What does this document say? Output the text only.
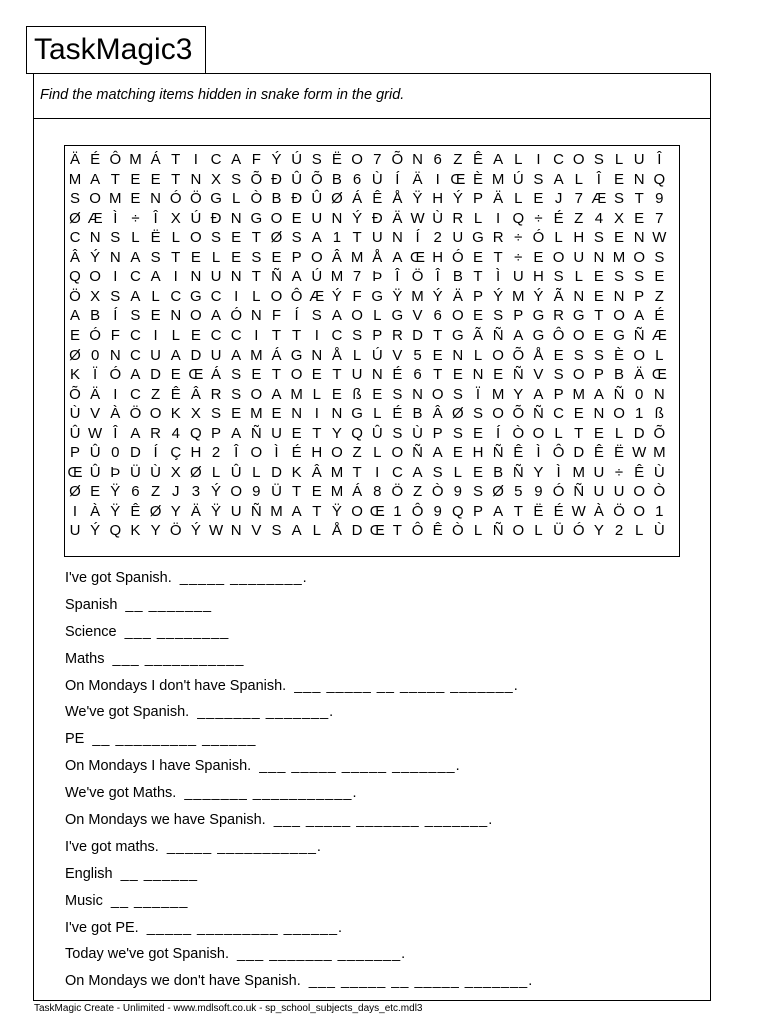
TaskMagic3
Find the matching items hidden in snake form in the grid.
Ä É Ô M Á T I C A F Ý Ú S Ë O 7 Õ N 6 Z Ê A L I C O S L U Î
M A T E E T N X S Õ Ð Û Õ B 6 Ù Í Ä I Œ È M Ú S A L Î E N Q
S O M E N Ó Ö G L Ò B Ð Û Ø Á Ê Å Ÿ H Ý P Ä L E J 7 Æ S T 9
Ø Æ Ì ÷ Î X Ú Ð N G O E U N Ý Ð Ä W Ù R L I Q ÷ É Z 4 X E 7
C N S L Ë L O S E T Ø S A 1 T U N Í 2 U G R ÷ Ó L H S E N W
Â Ý N A S T E L E S E P O Â M Å A Œ H Ó E T ÷ E O U N M O S
Q O I C A I N U N T Ñ A Ú M 7 Þ Î Ö Î B T Ì U H S L E S S E
Ö X S A L C G C I L O Ô Æ Ý F G Ÿ M Ý Ä P Ý M Ý Ã N E N P Z
A B Í S E N O A Ó N F Í S A O L G V 6 O E S P G R G T O A É
E Ó F C I L E C C I T T I C S P R D T G Ã Ñ A G Ô O E G Ñ Æ
Ø 0 N C U A D U A M Á G N Å L Ú V 5 E N L O Õ Å E S S È O L
K Ï Ó A D E Œ Á S E T O E T U N É 6 T E N E Ñ V S O P B Ä Œ
Õ Ä I C Z Ê Â R S O A M L E ß E S N O S Ï M Y A P M A Ñ 0 N
Ù V À Ö O K X S E M E N I N G L É B Â Ø S O Õ Ñ C E N O 1 ß
Û W Î A R 4 Q P A Ñ U E T Y Q Û S Ù P S E Í Ò O L T E L D Õ
P Û 0 D Í Ç H 2 Î O Ì É H O Z L O Ñ A E H Ñ Ê Ì Ô D Ê Ë W M
Œ Û Þ Ü Ù X Ø L Û L D K Â M T I C A S L E B Ñ Y Ì M U ÷ Ê Ù
Ø E Ÿ 6 Z J 3 Ý O 9 Ü T E M Á 8 Ö Z Ò 9 S Ø 5 9 Ó Ñ U U O Ò
I À Ÿ Ê Ø Y Ä Ÿ U Ñ M A T Ÿ O Œ 1 Ô 9 Q P A T Ë É W À Ö O 1
U Ý Q K Y Ö Ý W N V S A L Å D Œ T Ô Ê Ò L Ñ O L Ü Ó Y 2 L Ù
I've got Spanish. _____ ________.
Spanish __ _______
Science ___ ________
Maths ___ ___________
On Mondays I don't have Spanish. ___ _____ __ _____ _______.
We've got Spanish. _______ _______.
PE __ _________ ______
On Mondays I have Spanish. ___ _____ _____ _______.
We've got Maths. _______ ___________.
On Mondays we have Spanish. ___ _____ _______ _______.
I've got maths. _____ ___________.
English __ ______
Music __ ______
I've got PE. _____ _________ ______.
Today we've got Spanish. ___ _______ _______.
On Mondays we don't have Spanish. ___ _____ __ _____ _______.
TaskMagic Create - Unlimited - www.mdlsoft.co.uk - sp_school_subjects_days_etc.mdl3
